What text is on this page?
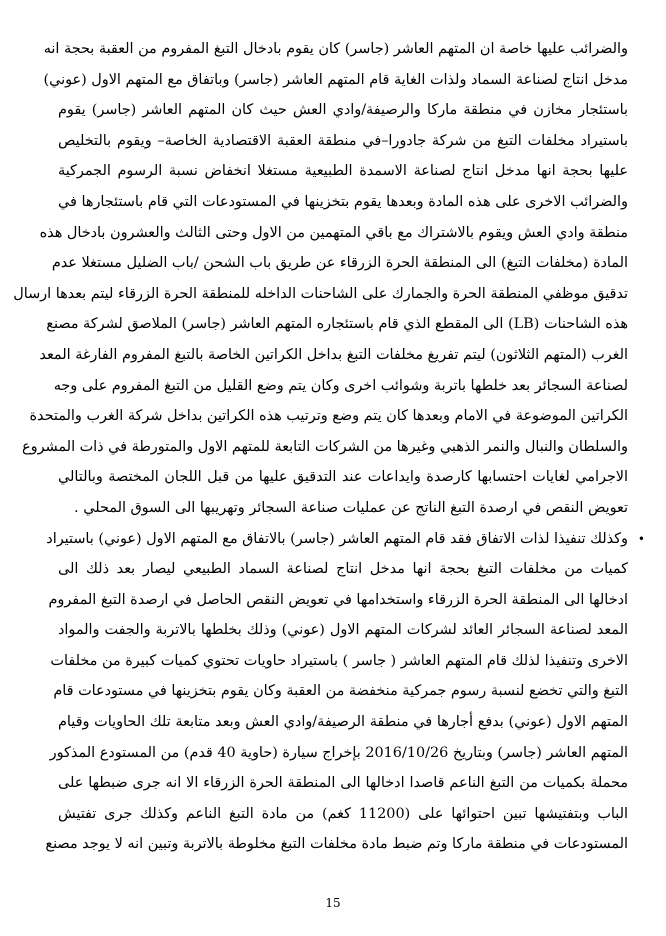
والضرائب عليها خاصة ان المتهم العاشر (جاسر) كان يقوم بادخال التبغ المفروم من العقبة بحجة انه
مدخل انتاج لصناعة السماد ولذات الغاية قام المتهم العاشر (جاسر) وباتفاق مع المتهم الاول (عوني)
باستئجار مخازن في منطقة ماركا والرصيفة/وادي العش حيث كان المتهم العاشر (جاسر) يقوم
باستيراد مخلفات التبغ من شركة جادورا–في منطقة العقبة الاقتصادية الخاصة– ويقوم بالتخليص
عليها بحجة انها مدخل انتاج لصناعة الاسمدة الطبيعية مستغلا انخفاض نسبة الرسوم الجمركية
والضرائب الاخرى على هذه المادة وبعدها يقوم بتخزينها في المستودعات التي قام باستئجارها في
منطقة وادي العش ويقوم بالاشتراك مع باقي المتهمين من الاول وحتى الثالث والعشرون بادخال هذه
المادة (مخلفات التبغ) الى المنطقة الحرة الزرقاء عن طريق باب الشحن /باب الضليل مستغلا عدم
تدقيق موظفي المنطقة الحرة والجمارك على الشاحنات الداخله للمنطقة الحرة الزرقاء ليتم بعدها ارسال
هذه الشاحنات (LB) الى المقطع الذي قام باستئجاره المتهم العاشر (جاسر) الملاصق لشركة مصنع
الغرب (المتهم الثلاثون) ليتم تفريغ مخلفات التبغ بداخل الكراتين الخاصة بالتبغ المفروم الفارغة المعد
لصناعة السجائر بعد خلطها باتربة وشوائب اخرى وكان يتم وضع القليل من التبغ المفروم على وجه
الكراتين الموضوعة في الامام وبعدها كان يتم وضع وترتيب هذه الكراتين بداخل شركة الغرب والمتحدة
والسلطان والنبال والنمر الذهبي وغيرها من الشركات التابعة للمتهم الاول والمتورطة في ذات المشروع
الاجرامي لغايات احتسابها كارصدة وايداعات عند التدقيق عليها من قبل اللجان المختصة وبالتالي
تعويض النقص في ارصدة التبغ الناتج عن عمليات صناعة السجائر وتهريبها الى السوق المحلي .
•
وكذلك تنفيذا لذات الاتفاق فقد قام المتهم العاشر (جاسر) بالاتفاق مع المتهم الاول (عوني) باستيراد
كميات من مخلفات التبغ بحجة انها مدخل انتاج لصناعة السماد الطبيعي ليصار بعد ذلك الى
ادخالها الى المنطقة الحرة الزرقاء واستخدامها في تعويض النقص الحاصل في ارصدة التبغ المفروم
المعد لصناعة السجائر العائد لشركات المتهم الاول (عوني) وذلك بخلطها بالاتربة والجفت والمواد
الاخرى وتنفيذا لذلك قام المتهم العاشر ( جاسر ) باستيراد حاويات تحتوي كميات كبيرة من مخلفات
التبغ والتي تخضع لنسبة رسوم جمركية منخفضة من العقبة وكان يقوم بتخزينها في مستودعات قام
المتهم الاول (عوني) بدفع أجارها في منطقة الرصيفة/وادي العش وبعد متابعة تلك الحاويات وقيام
المتهم العاشر (جاسر) وبتاريخ 2016/10/26 بإخراج سيارة (حاوية 40 قدم) من المستودع المذكور
محملة بكميات من التبغ الناعم قاصدا ادخالها الى المنطقة الحرة الزرقاء الا انه جرى ضبطها على
الباب وبتفتيشها تبين احتوائها على (11200 كغم) من مادة التبغ الناعم وكذلك جرى تفتيش
المستودعات في منطقة ماركا وتم ضبط مادة مخلفات التبغ مخلوطة بالاتربة وتبين انه لا يوجد مصنع
15
